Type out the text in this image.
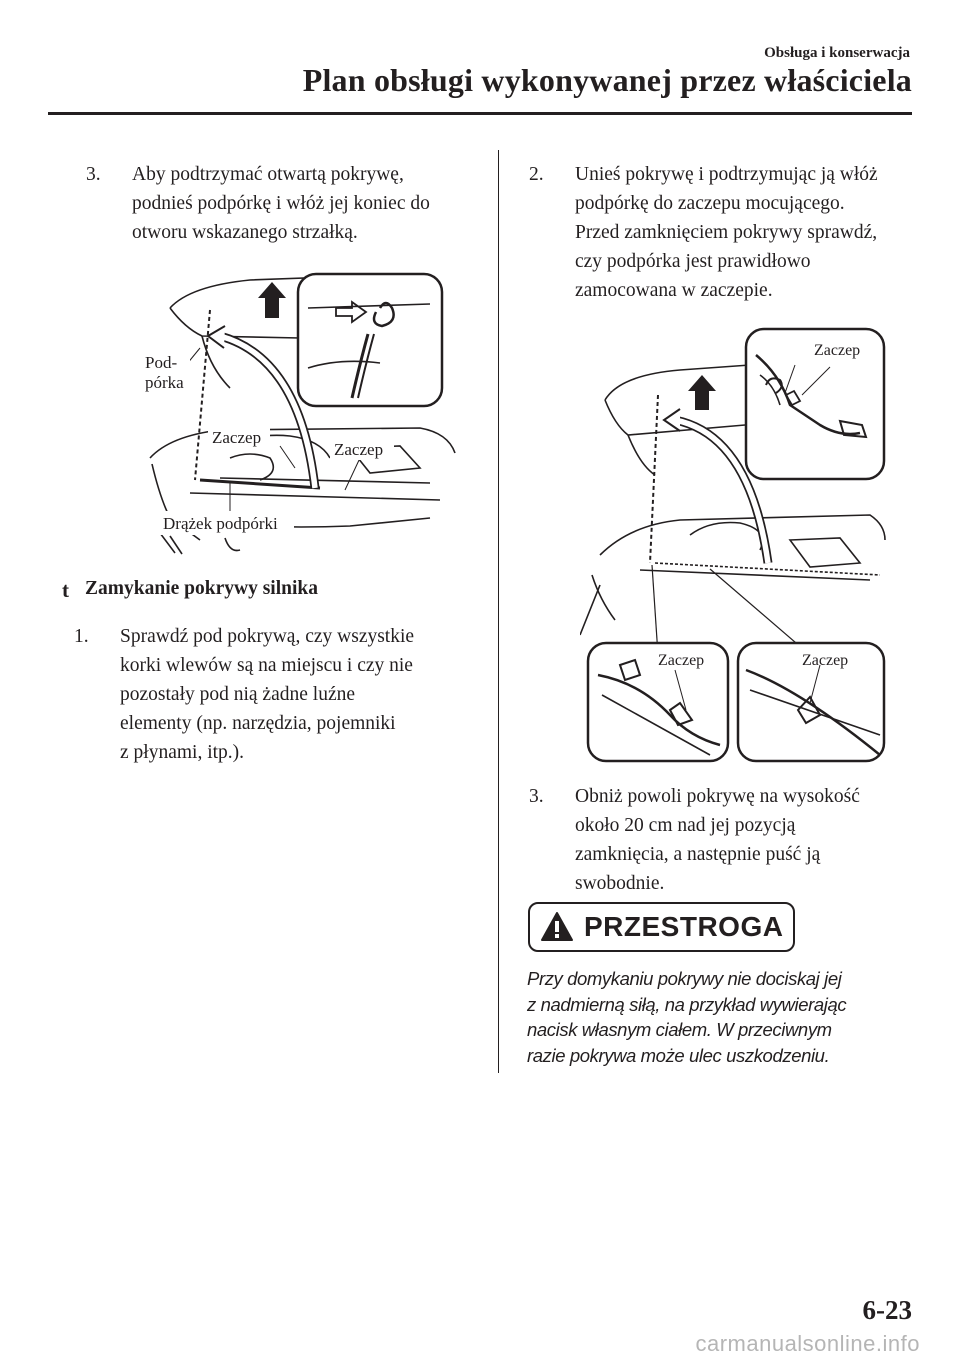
Obsługa i konserwacja
Plan obsługi wykonywanej przez właściciela
3. Aby podtrzymać otwartą pokrywę,
podnieś podpórkę i włóż jej koniec do
otworu wskazanego strzałką.
Pod-
pórka
Zaczep
Zaczep
Drążek podpórki
t Zamykanie pokrywy silnika
1. Sprawdź pod pokrywą, czy wszystkie
korki wlewów są na miejscu i czy nie
pozostały pod nią żadne luźne
elementy (np. narzędzia, pojemniki
z płynami, itp.).
2. Unieś pokrywę i podtrzymując ją włóż
podpórkę do zaczepu mocującego.
Przed zamknięciem pokrywy sprawdź,
czy podpórka jest prawidłowo
zamocowana w zaczepie.
Zaczep
Zaczep	Zaczep
3. Obniż powoli pokrywę na wysokość
około 20 cm nad jej pozycją
zamknięcia, a następnie puść ją
swobodnie.
PRZESTROGA
Przy domykaniu pokrywy nie dociskaj jej
z nadmierną siłą, na przykład wywierając
nacisk własnym ciałem. W przeciwnym
razie pokrywa może ulec uszkodzeniu.
6-23
carmanualsonline.info
